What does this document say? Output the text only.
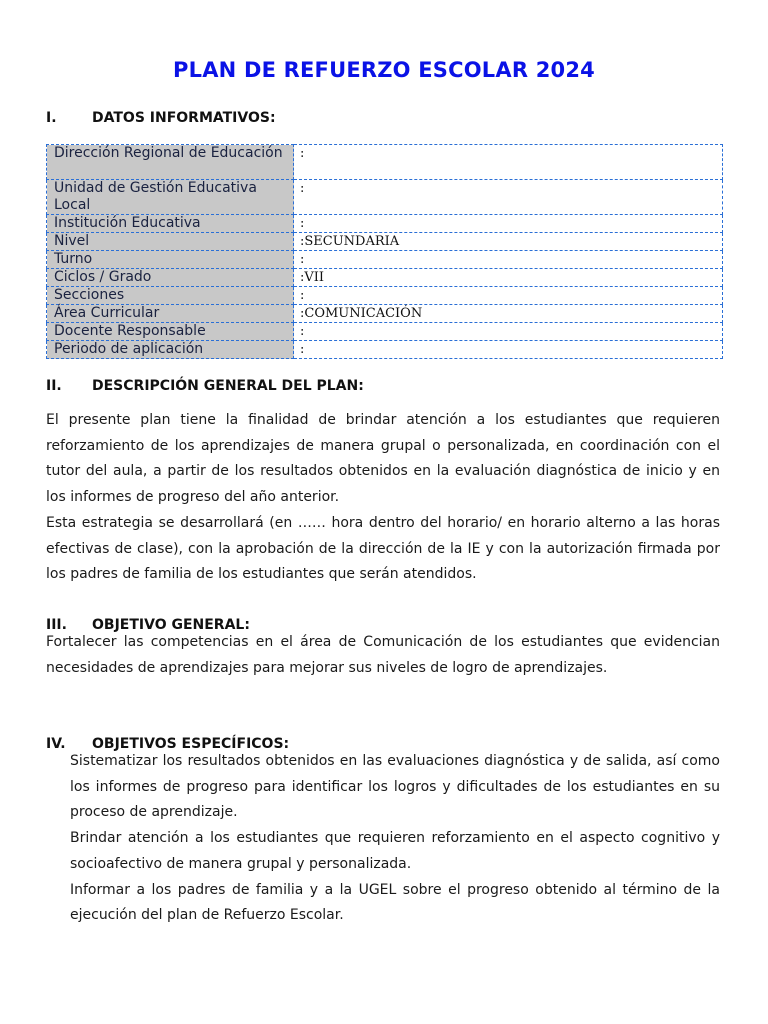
PLAN DE REFUERZO ESCOLAR 2024
I.	DATOS INFORMATIVOS:
Dirección Regional de Educación	:
Unidad de Gestión Educativa Local	:
Institución Educativa	:
Nivel	:SECUNDARIA
Turno	:
Ciclos / Grado	:VII
Secciones	:
Área Curricular	:COMUNICACIÓN
Docente Responsable	:
Periodo de aplicación	:
II. DESCRIPCIÓN GENERAL DEL PLAN:

El presente plan tiene la finalidad de brindar atención a los estudiantes que requieren reforzamiento de los aprendizajes de manera grupal o personalizada, en coordinación con el tutor del aula, a partir de los resultados obtenidos en la evaluación diagnóstica de inicio y en los informes de progreso del año anterior.

Esta estrategia se desarrollará (en …… hora dentro del horario/ en horario alterno a las horas efectivas de clase), con la aprobación de la dirección de la IE y con la autorización firmada por los padres de familia de los estudiantes que serán atendidos.

III. OBJETIVO GENERAL:

Fortalecer las competencias en el área de Comunicación de los estudiantes que evidencian necesidades de aprendizajes para mejorar sus niveles de logro de aprendizajes.

IV. OBJETIVOS ESPECÍFICOS:
Sistematizar los resultados obtenidos en las evaluaciones diagnóstica y de salida, así como los informes de progreso para identificar los logros y dificultades de los estudiantes en su proceso de aprendizaje.
Brindar atención a los estudiantes que requieren reforzamiento en el aspecto cognitivo y socioafectivo de manera grupal y personalizada.
Informar a los padres de familia y a la UGEL sobre el progreso obtenido al término de la ejecución del plan de Refuerzo Escolar.
